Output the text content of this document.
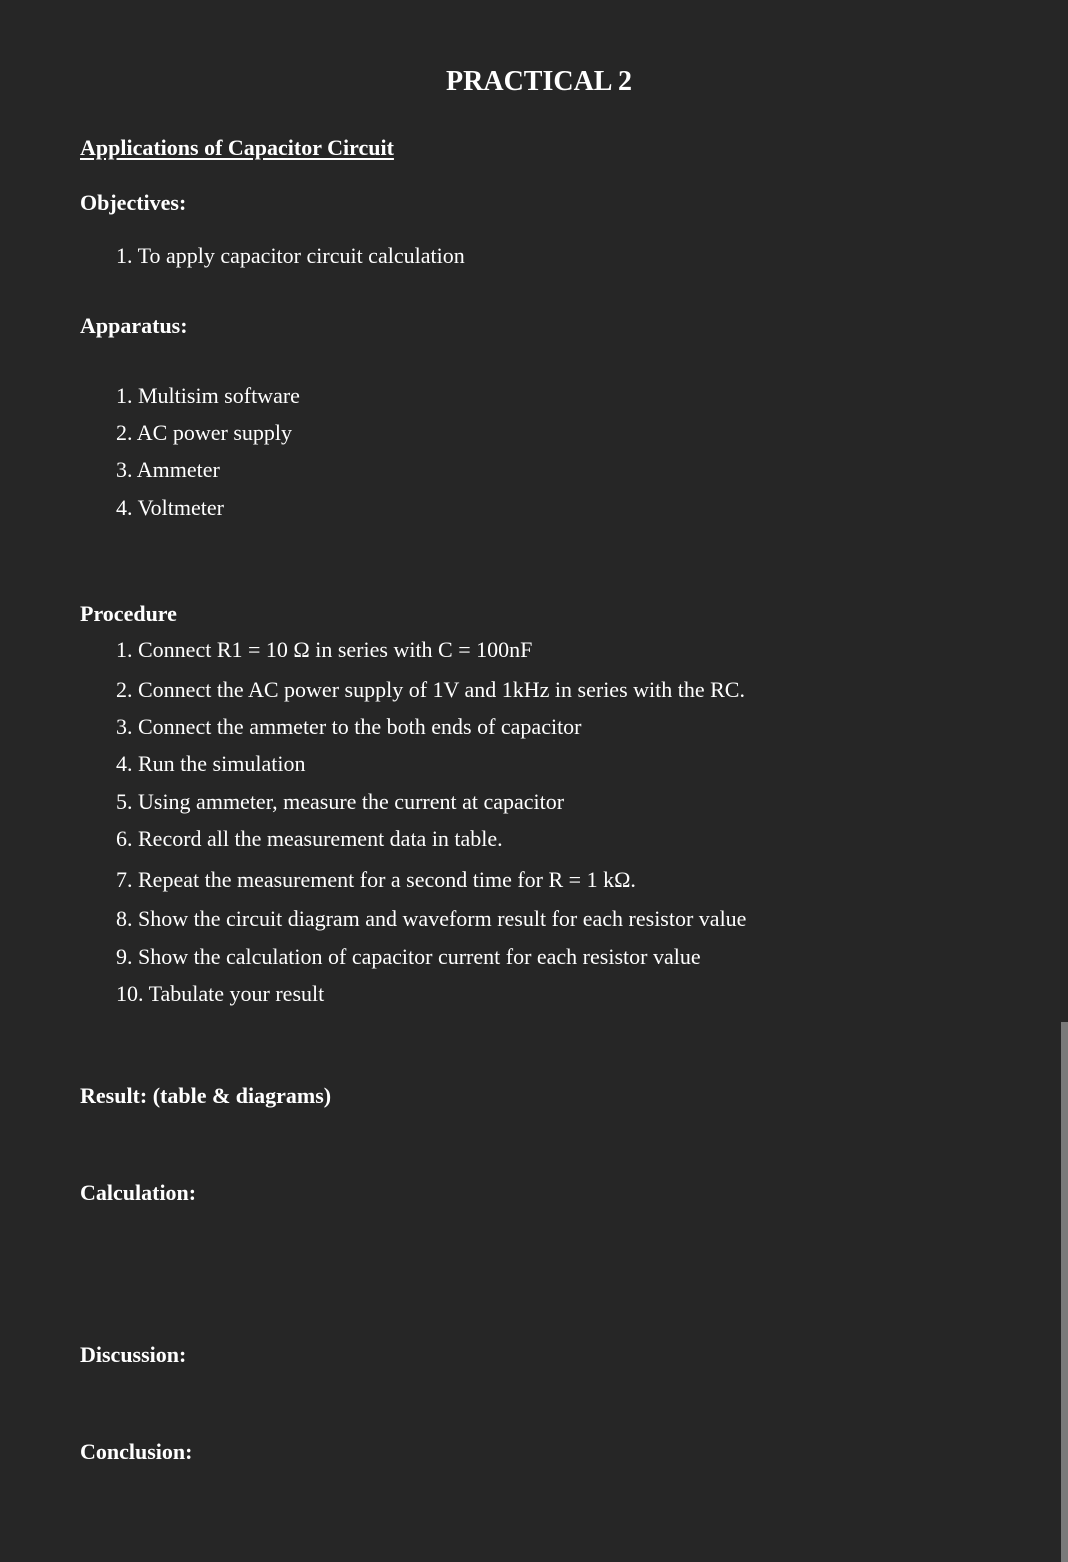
PRACTICAL 2
Applications of Capacitor Circuit
Objectives:
1. To apply capacitor circuit calculation
Apparatus:
1. Multisim software
2. AC power supply
3. Ammeter
4. Voltmeter
Procedure
1. Connect R1 = 10 Ω in series with C = 100nF
2. Connect the AC power supply of 1V and 1kHz in series with the RC.
3. Connect the ammeter to the both ends of capacitor
4. Run the simulation
5. Using ammeter, measure the current at capacitor
6. Record all the measurement data in table.
7. Repeat the measurement for a second time for R = 1 kΩ.
8. Show the circuit diagram and waveform result for each resistor value
9. Show the calculation of capacitor current for each resistor value
10. Tabulate your result
Result: (table & diagrams)
Calculation:
Discussion:
Conclusion:
